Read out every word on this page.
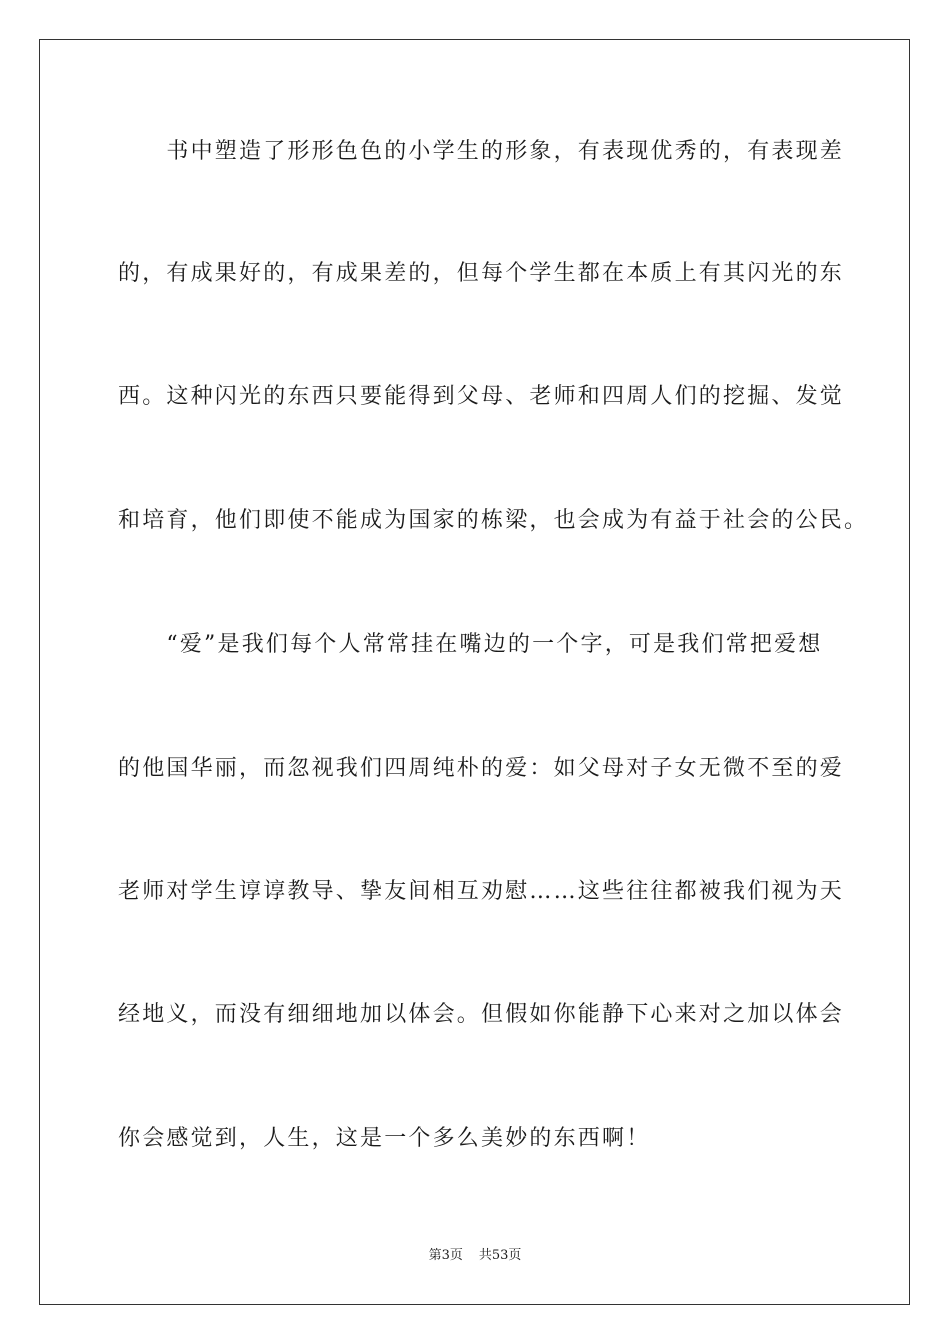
　　书中塑造了形形色色的小学生的形象，有表现优秀的，有表现差
的，有成果好的，有成果差的，但每个学生都在本质上有其闪光的东
西。这种闪光的东西只要能得到父母、老师和四周人们的挖掘、发觉
和培育，他们即使不能成为国家的栋梁，也会成为有益于社会的公民。
　　“爱”是我们每个人常常挂在嘴边的一个字，可是我们常把爱想
的他国华丽，而忽视我们四周纯朴的爱：如父母对子女无微不至的爱
老师对学生谆谆教导、挚友间相互劝慰……这些往往都被我们视为天
经地义，而没有细细地加以体会。但假如你能静下心来对之加以体会
你会感觉到，人生，这是一个多么美妙的东西啊！
第3页 共53页
